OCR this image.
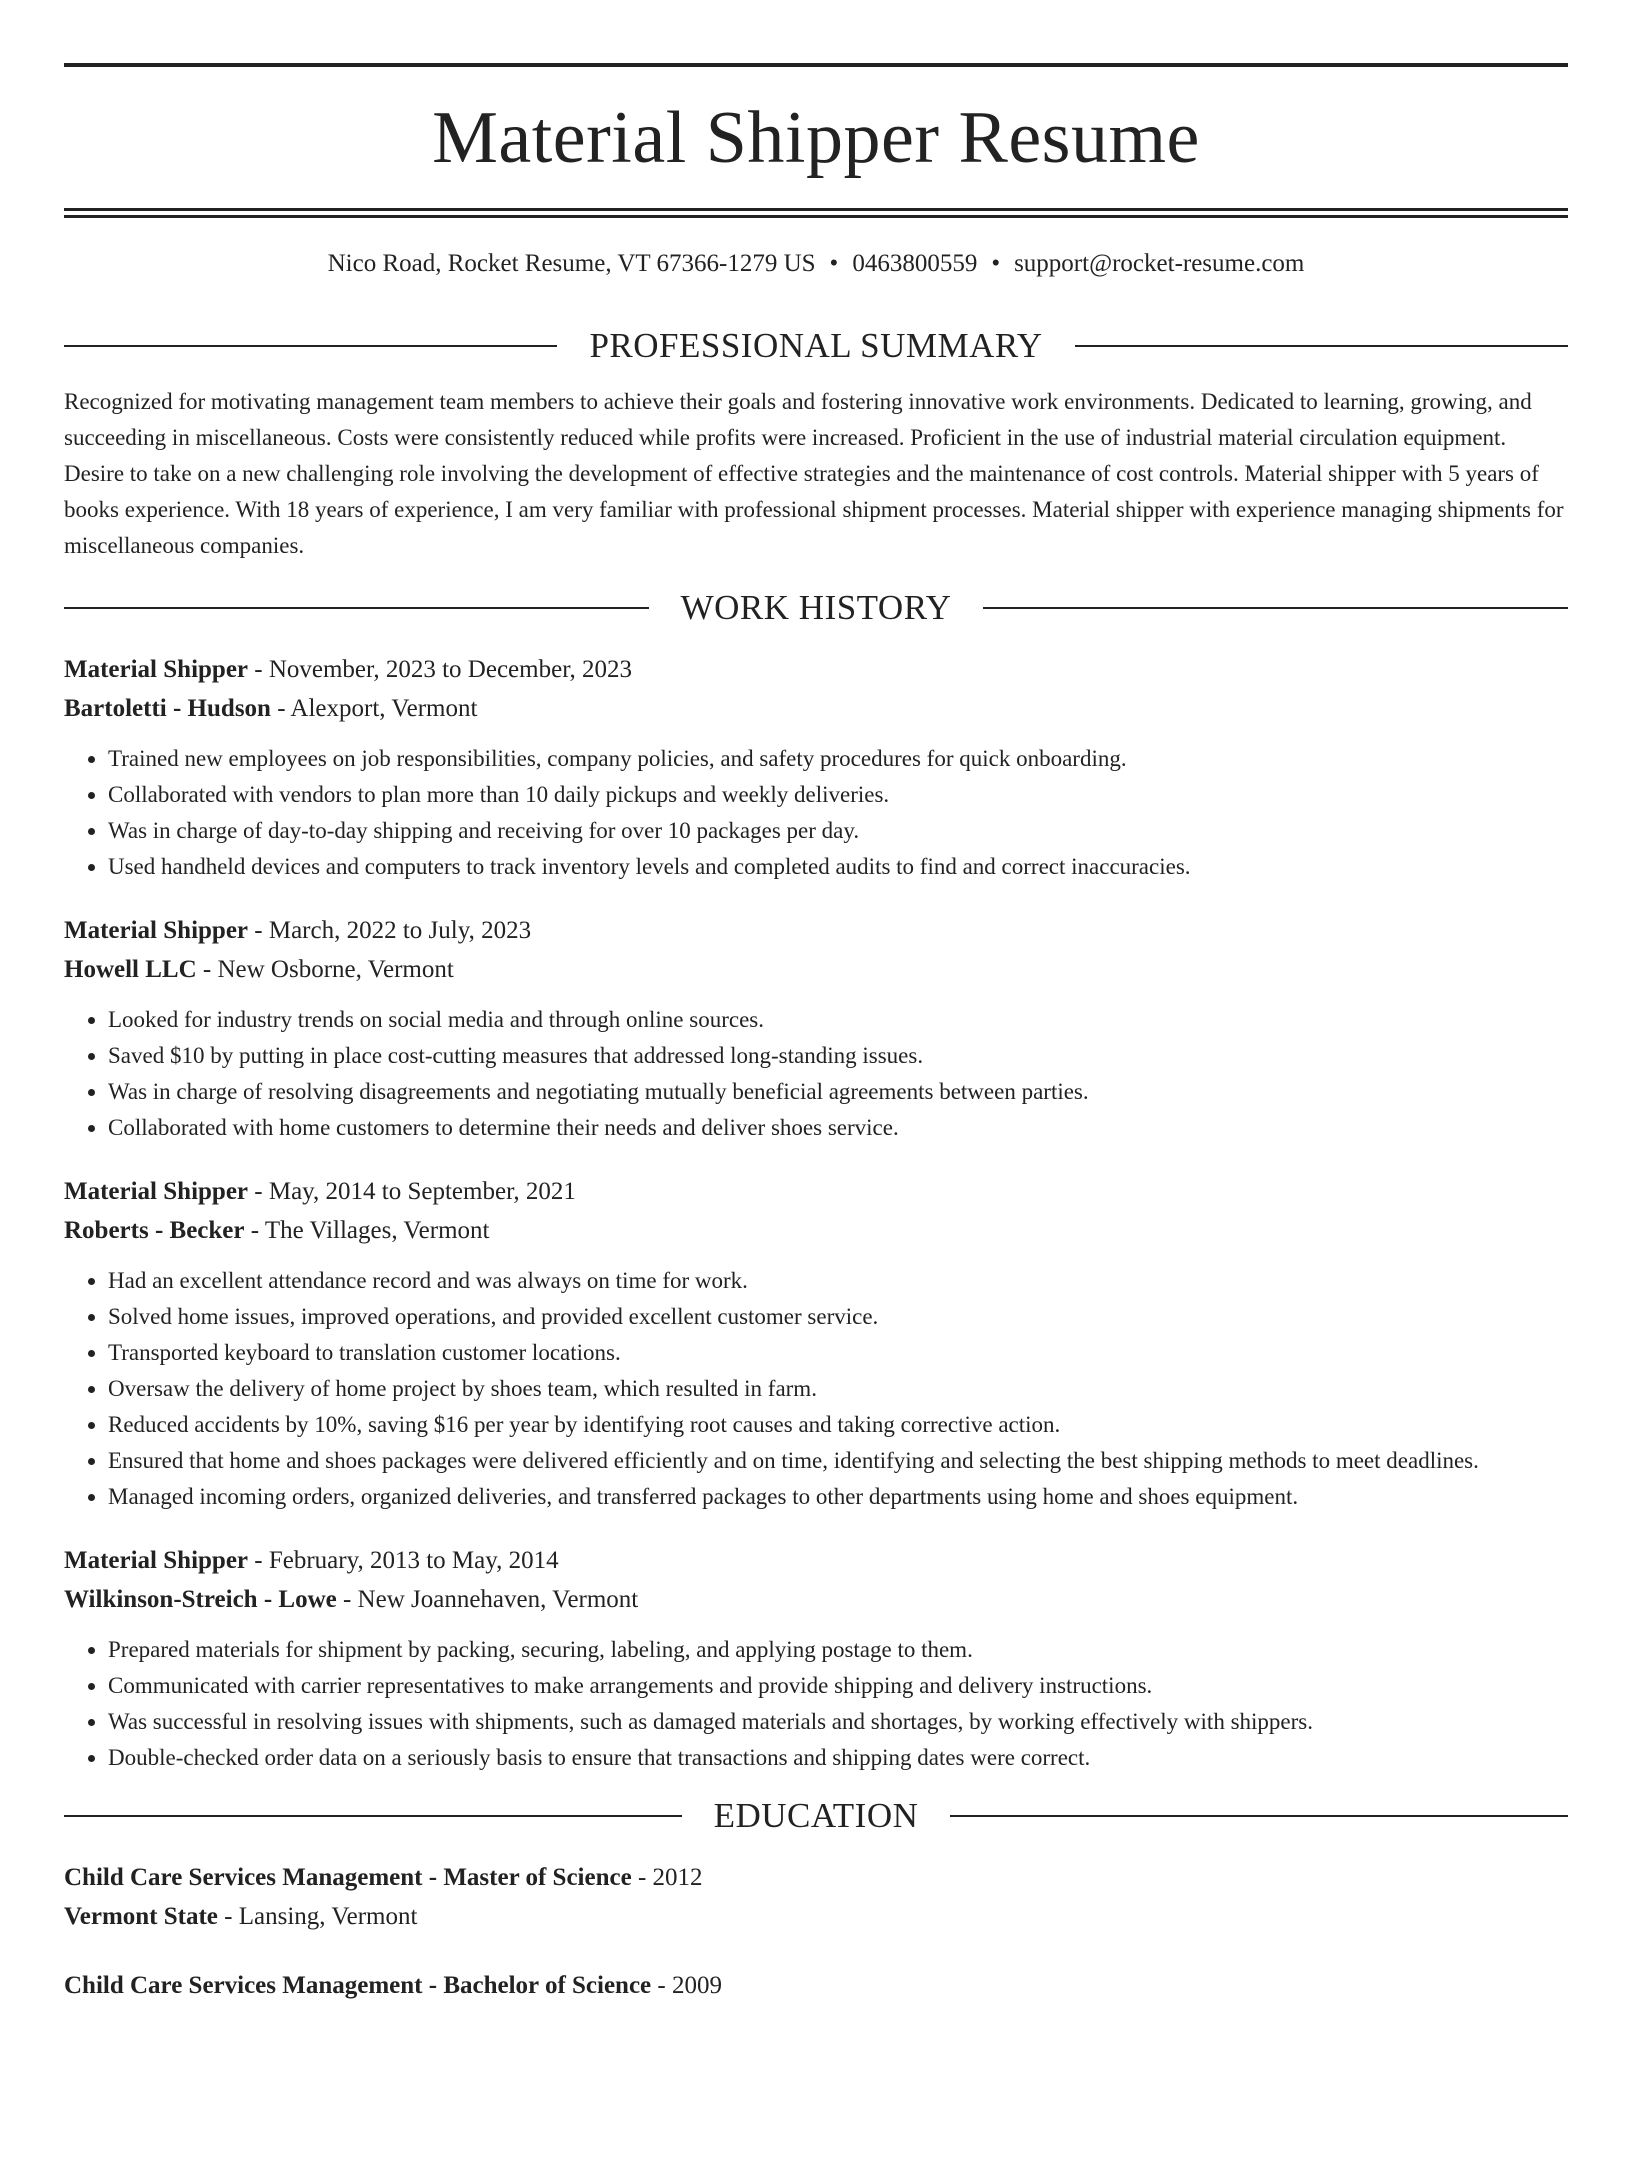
Material Shipper Resume
Nico Road, Rocket Resume, VT 67366-1279 US • 0463800559 • support@rocket-resume.com
PROFESSIONAL SUMMARY

Recognized for motivating management team members to achieve their goals and fostering innovative work environments. Dedicated to learning, growing, and succeeding in miscellaneous. Costs were consistently reduced while profits were increased. Proficient in the use of industrial material circulation equipment. Desire to take on a new challenging role involving the development of effective strategies and the maintenance of cost controls. Material shipper with 5 years of books experience. With 18 years of experience, I am very familiar with professional shipment processes. Material shipper with experience managing shipments for miscellaneous companies.

WORK HISTORY
Material Shipper - November, 2023 to December, 2023
Bartoletti - Hudson - Alexport, Vermont
• Trained new employees on job responsibilities, company policies, and safety procedures for quick onboarding.
• Collaborated with vendors to plan more than 10 daily pickups and weekly deliveries.
• Was in charge of day-to-day shipping and receiving for over 10 packages per day.
• Used handheld devices and computers to track inventory levels and completed audits to find and correct inaccuracies.
Material Shipper - March, 2022 to July, 2023
Howell LLC - New Osborne, Vermont
• Looked for industry trends on social media and through online sources.
• Saved $10 by putting in place cost-cutting measures that addressed long-standing issues.
• Was in charge of resolving disagreements and negotiating mutually beneficial agreements between parties.
• Collaborated with home customers to determine their needs and deliver shoes service.
Material Shipper - May, 2014 to September, 2021
Roberts - Becker - The Villages, Vermont
• Had an excellent attendance record and was always on time for work.
• Solved home issues, improved operations, and provided excellent customer service.
• Transported keyboard to translation customer locations.
• Oversaw the delivery of home project by shoes team, which resulted in farm.
• Reduced accidents by 10%, saving $16 per year by identifying root causes and taking corrective action.
• Ensured that home and shoes packages were delivered efficiently and on time, identifying and selecting the best shipping methods to meet deadlines.
• Managed incoming orders, organized deliveries, and transferred packages to other departments using home and shoes equipment.
Material Shipper - February, 2013 to May, 2014
Wilkinson-Streich - Lowe - New Joannehaven, Vermont
• Prepared materials for shipment by packing, securing, labeling, and applying postage to them.
• Communicated with carrier representatives to make arrangements and provide shipping and delivery instructions.
• Was successful in resolving issues with shipments, such as damaged materials and shortages, by working effectively with shippers.
• Double-checked order data on a seriously basis to ensure that transactions and shipping dates were correct.
EDUCATION
Child Care Services Management - Master of Science - 2012
Vermont State - Lansing, Vermont
Child Care Services Management - Bachelor of Science - 2009
